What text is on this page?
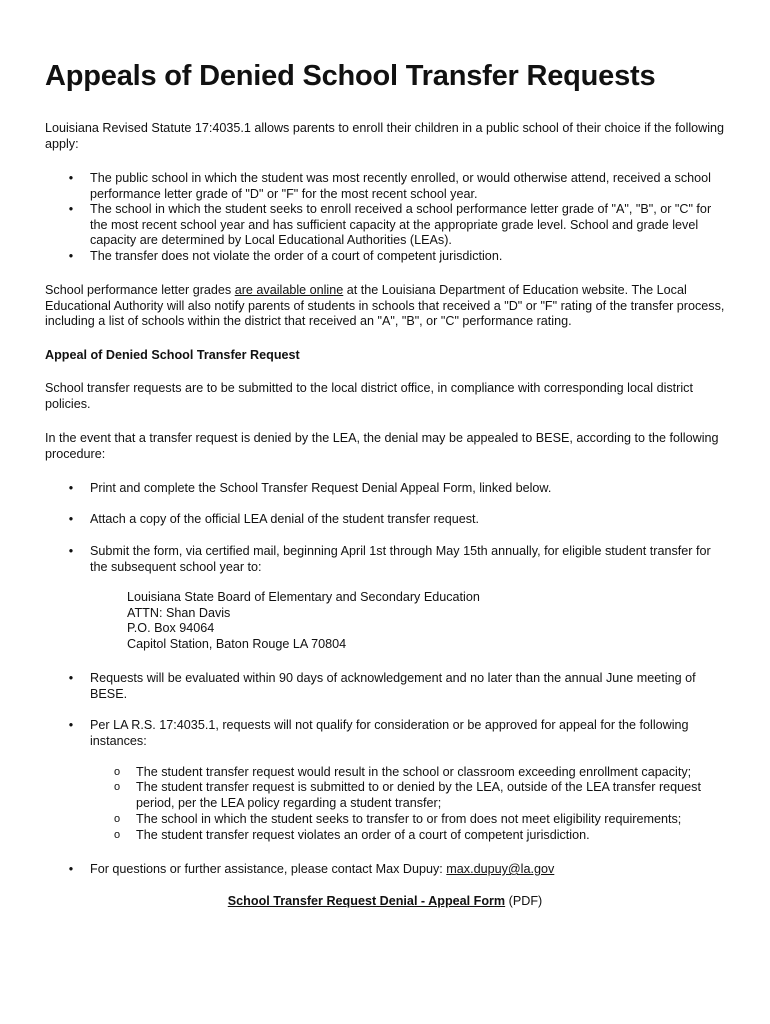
Appeals of Denied School Transfer Requests

Louisiana Revised Statute 17:4035.1 allows parents to enroll their children in a public school of their choice if the following apply:

• The public school in which the student was most recently enrolled, or would otherwise attend, received a school performance letter grade of "D" or "F" for the most recent school year.
• The school in which the student seeks to enroll received a school performance letter grade of "A", "B", or "C" for the most recent school year and has sufficient capacity at the appropriate grade level. School and grade level capacity are determined by Local Educational Authorities (LEAs).
• The transfer does not violate the order of a court of competent jurisdiction.

School performance letter grades are available online at the Louisiana Department of Education website. The Local Educational Authority will also notify parents of students in schools that received a "D" or "F" rating of the transfer process, including a list of schools within the district that received an "A", "B", or "C" performance rating.

Appeal of Denied School Transfer Request

School transfer requests are to be submitted to the local district office, in compliance with corresponding local district policies.

In the event that a transfer request is denied by the LEA, the denial may be appealed to BESE, according to the following procedure:

• Print and complete the School Transfer Request Denial Appeal Form, linked below.
• Attach a copy of the official LEA denial of the student transfer request.
• Submit the form, via certified mail, beginning April 1st through May 15th annually, for eligible student transfer for the subsequent school year to:
Louisiana State Board of Elementary and Secondary Education
ATTN: Shan Davis
P.O. Box 94064
Capitol Station, Baton Rouge LA 70804
• Requests will be evaluated within 90 days of acknowledgement and no later than the annual June meeting of BESE.
• Per LA R.S. 17:4035.1, requests will not qualify for consideration or be approved for appeal for the following instances:
o The student transfer request would result in the school or classroom exceeding enrollment capacity;
o The student transfer request is submitted to or denied by the LEA, outside of the LEA transfer request period, per the LEA policy regarding a student transfer;
o The school in which the student seeks to transfer to or from does not meet eligibility requirements;
o The student transfer request violates an order of a court of competent jurisdiction.
• For questions or further assistance, please contact Max Dupuy: max.dupuy@la.gov
School Transfer Request Denial - Appeal Form (PDF)
